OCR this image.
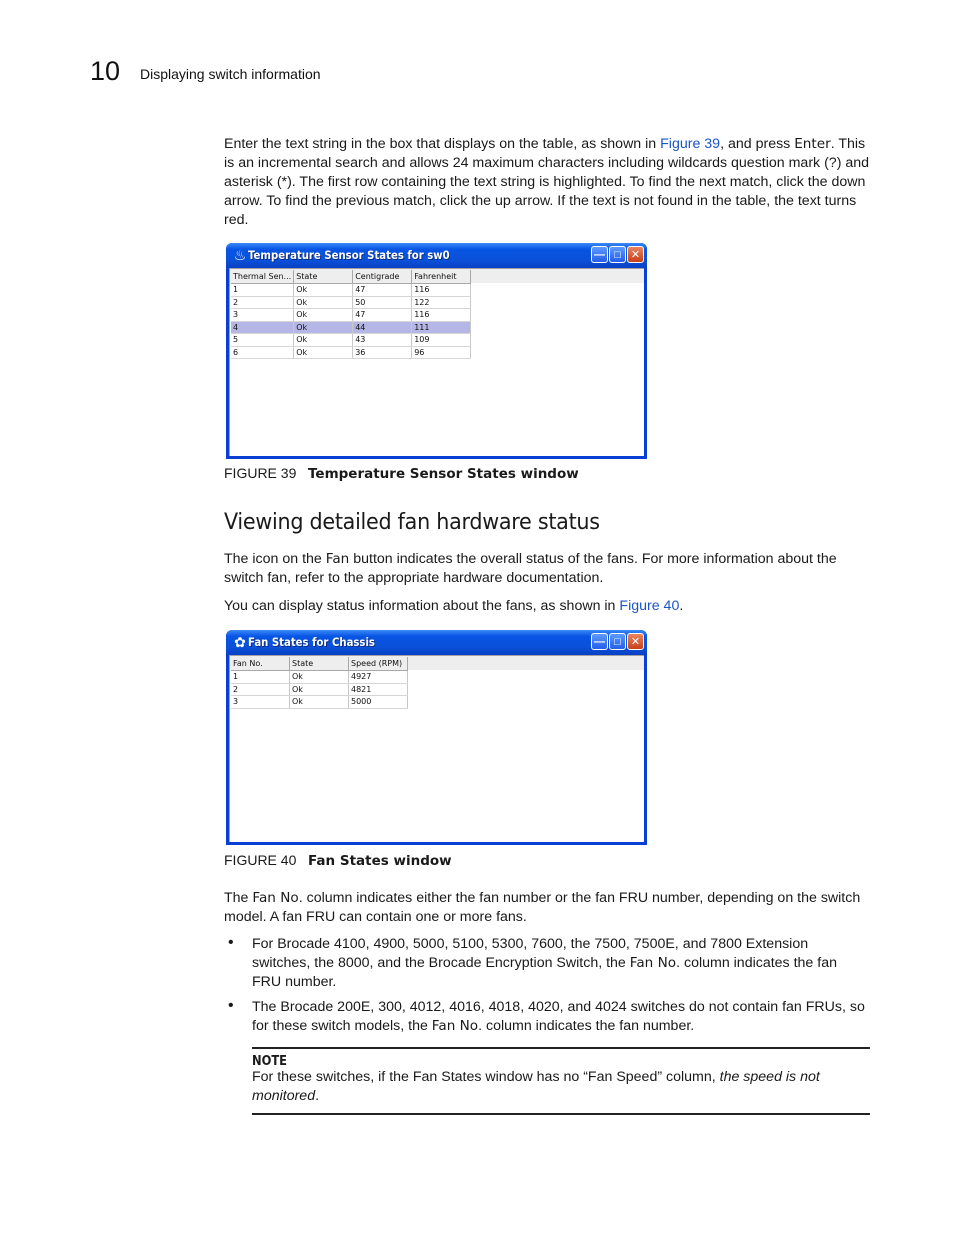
10 Displaying switch information

Enter the text string in the box that displays on the table, as shown in Figure 39, and press Enter. This is an incremental search and allows 24 maximum characters including wildcards question mark (?) and asterisk (*). The first row containing the text string is highlighted. To find the next match, click the down arrow. To find the previous match, click the up arrow. If the text is not found in the table, the text turns red.

♨ Temperature Sensor States for sw0	— □ ✕
Thermal Sen...	State	Centigrade	Fahrenheit
1	Ok	47	116
2	Ok	50	122
3	Ok	47	116
4	Ok	44	111
5	Ok	43	109
6	Ok	36	96
FIGURE 39 Temperature Sensor States window
Viewing detailed fan hardware status

The icon on the Fan button indicates the overall status of the fans. For more information about the switch fan, refer to the appropriate hardware documentation.

You can display status information about the fans, as shown in Figure 40.

✿ Fan States for Chassis	— □ ✕
Fan No.	State	Speed (RPM)
1	Ok	4927
2	Ok	4821
3	Ok	5000
FIGURE 40 Fan States window

The Fan No. column indicates either the fan number or the fan FRU number, depending on the switch model. A fan FRU can contain one or more fans.

• For Brocade 4100, 4900, 5000, 5100, 5300, 7600, the 7500, 7500E, and 7800 Extension switches, the 8000, and the Brocade Encryption Switch, the Fan No. column indicates the fan FRU number.
• The Brocade 200E, 300, 4012, 4016, 4018, 4020, and 4024 switches do not contain fan FRUs, so for these switch models, the Fan No. column indicates the fan number.
NOTE
For these switches, if the Fan States window has no “Fan Speed” column, the speed is not monitored.
